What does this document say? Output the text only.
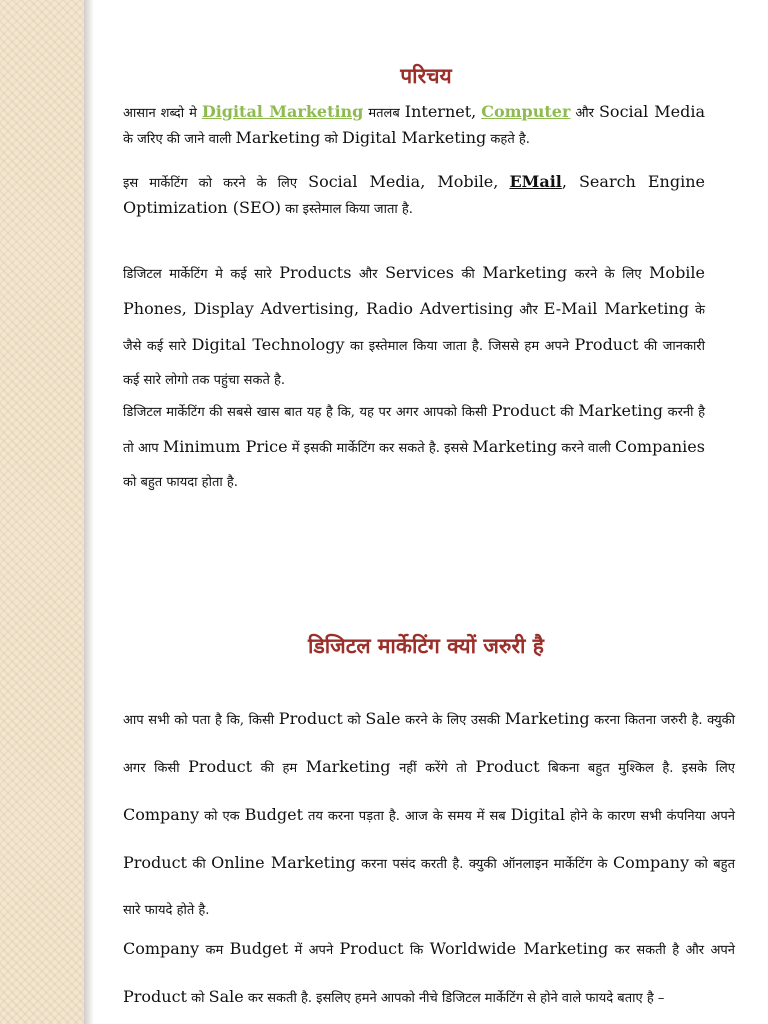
परिचय

आसान शब्दो मे Digital Marketing मतलब Internet, Computer और Social Media के जरिए की जाने वाली Marketing को Digital Marketing कहते है.

इस मार्केटिंग को करने के लिए Social Media, Mobile, EMail, Search Engine Optimization (SEO) का इस्तेमाल किया जाता है.

डिजिटल मार्केटिंग मे कई सारे Products और Services की Marketing करने के लिए Mobile Phones, Display Advertising, Radio Advertising और E-Mail Marketing के जैसे कई सारे Digital Technology का इस्तेमाल किया जाता है. जिससे हम अपने Product की जानकारी कई सारे लोगो तक पहुंचा सकते है.

डिजिटल मार्केटिंग की सबसे खास बात यह है कि, यह पर अगर आपको किसी Product की Marketing करनी है तो आप Minimum Price में इसकी मार्केटिंग कर सकते है. इससे Marketing करने वाली Companies को बहुत फायदा होता है.

डिजिटल मार्केटिंग क्यों जरुरी है

आप सभी को पता है कि, किसी Product को Sale करने के लिए उसकी Marketing करना कितना जरुरी है. क्युकी अगर किसी Product की हम Marketing नहीं करेंगे तो Product बिकना बहुत मुश्किल है. इसके लिए Company को एक Budget तय करना पड़ता है. आज के समय में सब Digital होने के कारण सभी कंपनिया अपने Product की Online Marketing करना पसंद करती है. क्युकी ऑनलाइन मार्केटिंग के Company को बहुत सारे फायदे होते है.

Company कम Budget में अपने Product कि Worldwide Marketing कर सकती है और अपने Product को Sale कर सकती है. इसलिए हमने आपको नीचे डिजिटल मार्केटिंग से होने वाले फायदे बताए है –
